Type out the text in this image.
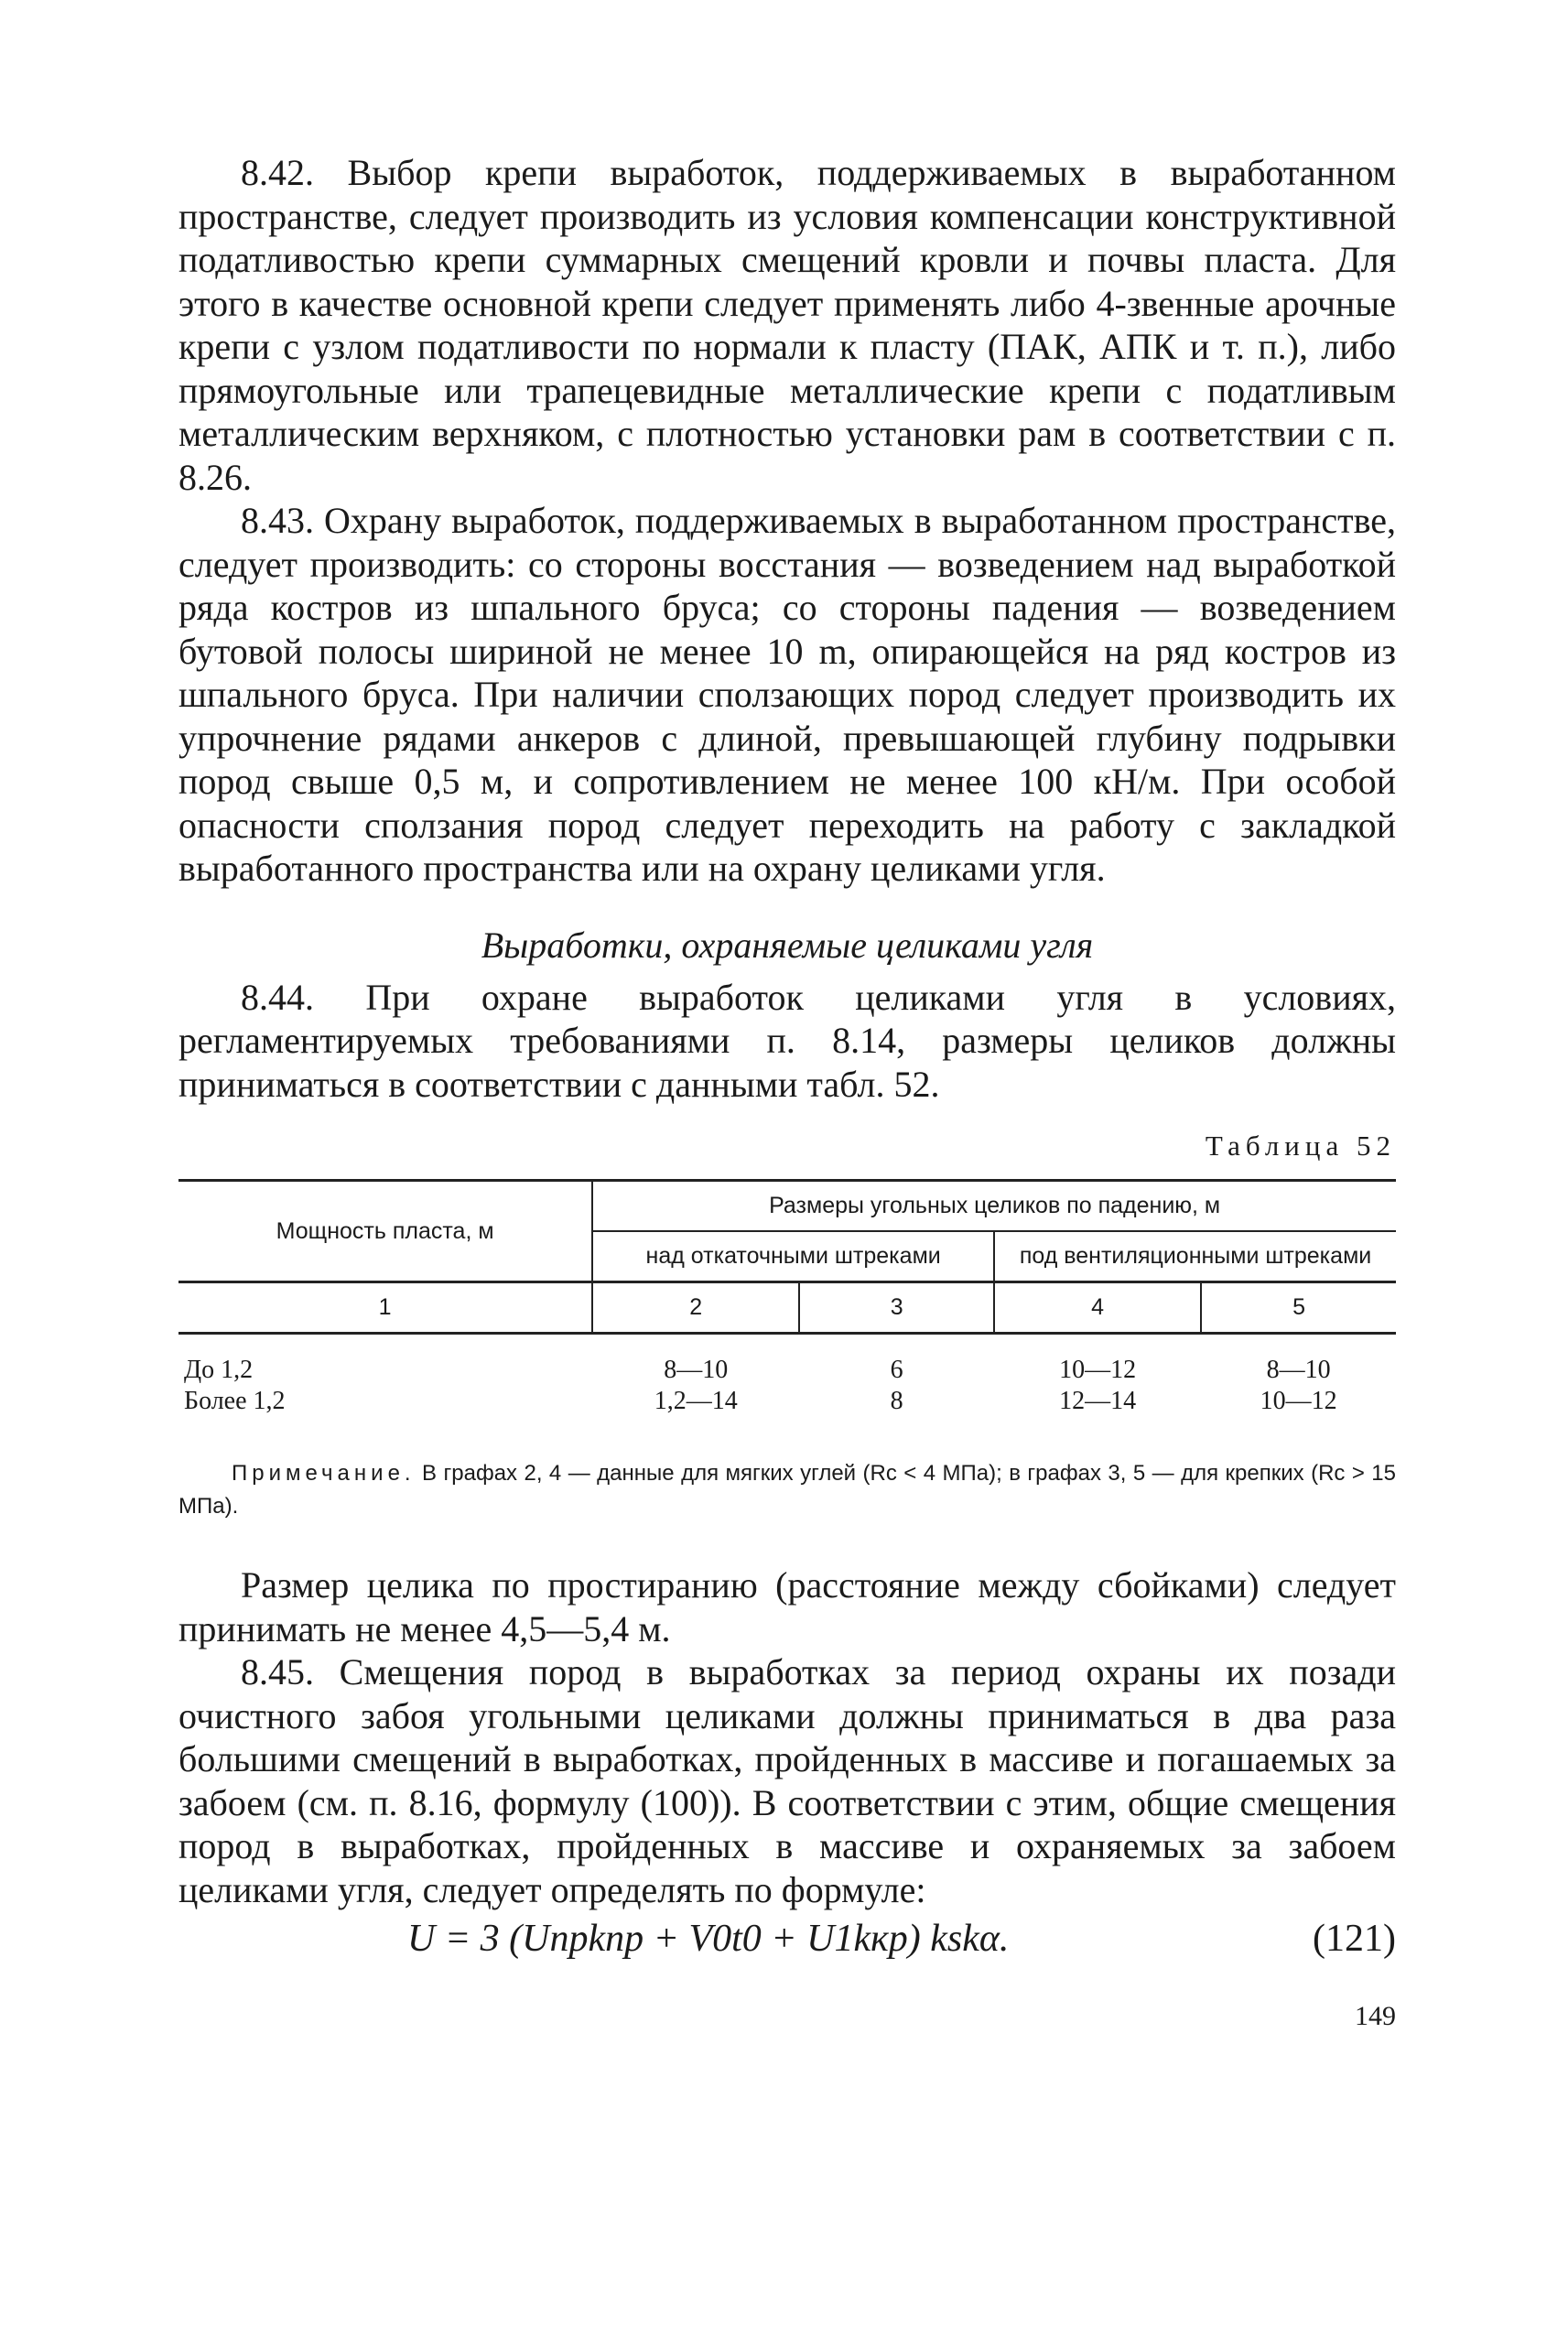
8.42. Выбор крепи выработок, поддерживаемых в выработанном пространстве, следует производить из условия компенсации конструктивной податливостью крепи суммарных смещений кровли и почвы пласта. Для этого в качестве основной крепи следует применять либо 4-звенные арочные крепи с узлом податливости по нормали к пласту (ПАК, АПК и т. п.), либо прямоугольные или трапецевидные металлические крепи с податливым металлическим верхняком, с плотностью установки рам в соответствии с п. 8.26.

8.43. Охрану выработок, поддерживаемых в выработанном пространстве, следует производить: со стороны восстания — возведением над выработкой ряда костров из шпального бруса; со стороны падения — возведением бутовой полосы шириной не менее 10 m, опирающейся на ряд костров из шпального бруса. При наличии сползающих пород следует производить их упрочнение рядами анкеров с длиной, превышающей глубину подрывки пород свыше 0,5 м, и сопротивлением не менее 100 кН/м. При особой опасности сползания пород следует переходить на работу с закладкой выработанного пространства или на охрану целиками угля.

Выработки, охраняемые целиками угля

8.44. При охране выработок целиками угля в условиях, регламентируемых требованиями п. 8.14, размеры целиков должны приниматься в соответствии с данными табл. 52.

Таблица 52
Мощность пласта, м	Размеры угольных целиков по падению, м			
	над откаточными штреками		под вентиляционными штреками	
1	2	3	4	5

До 1,2	8—10	6	10—12	8—10
Более 1,2	1,2—14	8	12—14	10—12

Примечание. В графах 2, 4 — данные для мягких углей (Rc < 4 МПа); в графах 3, 5 — для крепких (Rc > 15 МПа).

Размер целика по простиранию (расстояние между сбойками) следует принимать не менее 4,5—5,4 м.

8.45. Смещения пород в выработках за период охраны их позади очистного забоя угольными целиками должны приниматься в два раза большими смещений в выработках, пройденных в массиве и погашаемых за забоем (см. п. 8.16, формулу (100)). В соответствии с этим, общие смещения пород в выработках, пройденных в массиве и охраняемых за забоем целиками угля, следует определять по формуле:

U = 3 (Uпрkпр + V0t0 + U1kкр) kskα.	(121)
149
